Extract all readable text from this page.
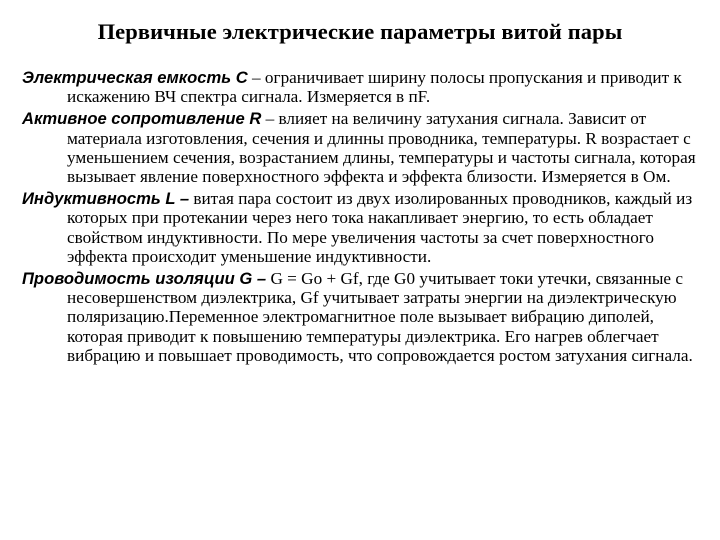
Первичные электрические параметры витой пары

Электрическая емкость С – ограничивает ширину полосы пропускания и приводит к искажению ВЧ спектра сигнала. Измеряется в пF.

Активное сопротивление R – влияет на величину затухания сигнала. Зависит от материала изготовления, сечения и длинны проводника, температуры. R возрастает с уменьшением сечения, возрастанием длины, температуры и частоты сигнала, которая вызывает явление поверхностного эффекта и эффекта близости. Измеряется в Ом.

Индуктивность L – витая пара состоит из двух изолированных проводников, каждый из которых при протекании через него тока накапливает энергию, то есть обладает свойством индуктивности. По мере увеличения частоты за счет поверхностного эффекта происходит уменьшение индуктивности.

Проводимость изоляции G – G = Go + Gf, где G0 учитывает токи утечки, связанные с несовершенством диэлектрика, Gf учитывает затраты энергии на диэлектрическую поляризацию.Переменное электромагнитное поле вызывает вибрацию диполей, которая приводит к повышению температуры диэлектрика. Его нагрев облегчает вибрацию и повышает проводимость, что сопровождается ростом затухания сигнала.
